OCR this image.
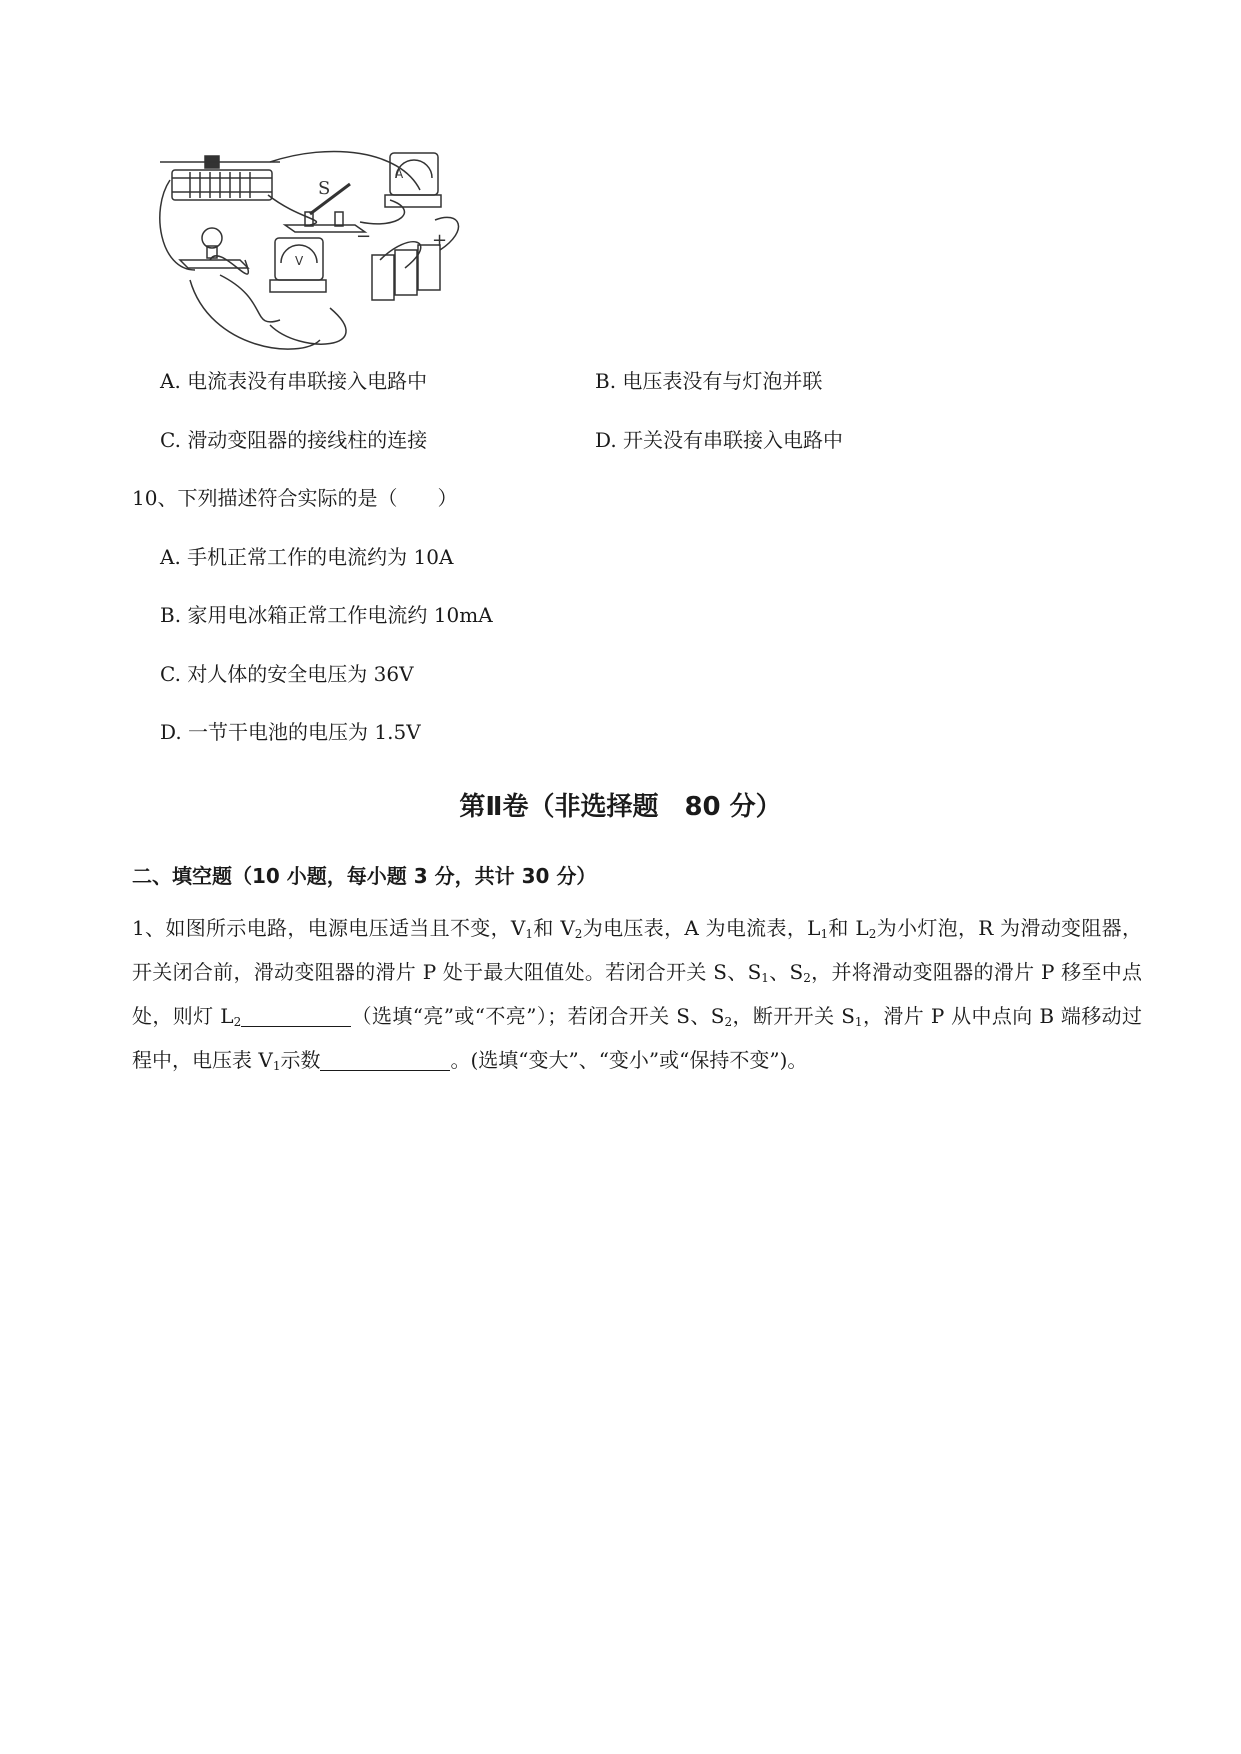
A
V
S
−	+
A. 电流表没有串联接入电路中	B. 电压表没有与灯泡并联
C. 滑动变阻器的接线柱的连接	D. 开关没有串联接入电路中
10、下列描述符合实际的是（　　）
A. 手机正常工作的电流约为 10A
B. 家用电冰箱正常工作电流约 10mA
C. 对人体的安全电压为 36V
D. 一节干电池的电压为 1.5V
第Ⅱ卷（非选择题　80 分）
二、填空题（10 小题，每小题 3 分，共计 30 分）
1、如图所示电路，电源电压适当且不变，$V_1$和 $V_2$为电压表，A 为电流表，$L_1$和 $L_2$为小灯泡，R 为滑动变阻器，开关闭合前，滑动变阻器的滑片 P 处于最大阻值处。若闭合开关 S、$S_1$、$S_2$，并将滑动变阻器的滑片 P 移至中点处，则灯 $L_2$	（选填“亮”或“不亮”）；若闭合开关 S、$S_2$，断开开关 $S_1$，滑片 P 从中点向 B 端移动过程中，电压表 $V_1$示数	。(选填“变大”、“变小”或“保持不变”)。
